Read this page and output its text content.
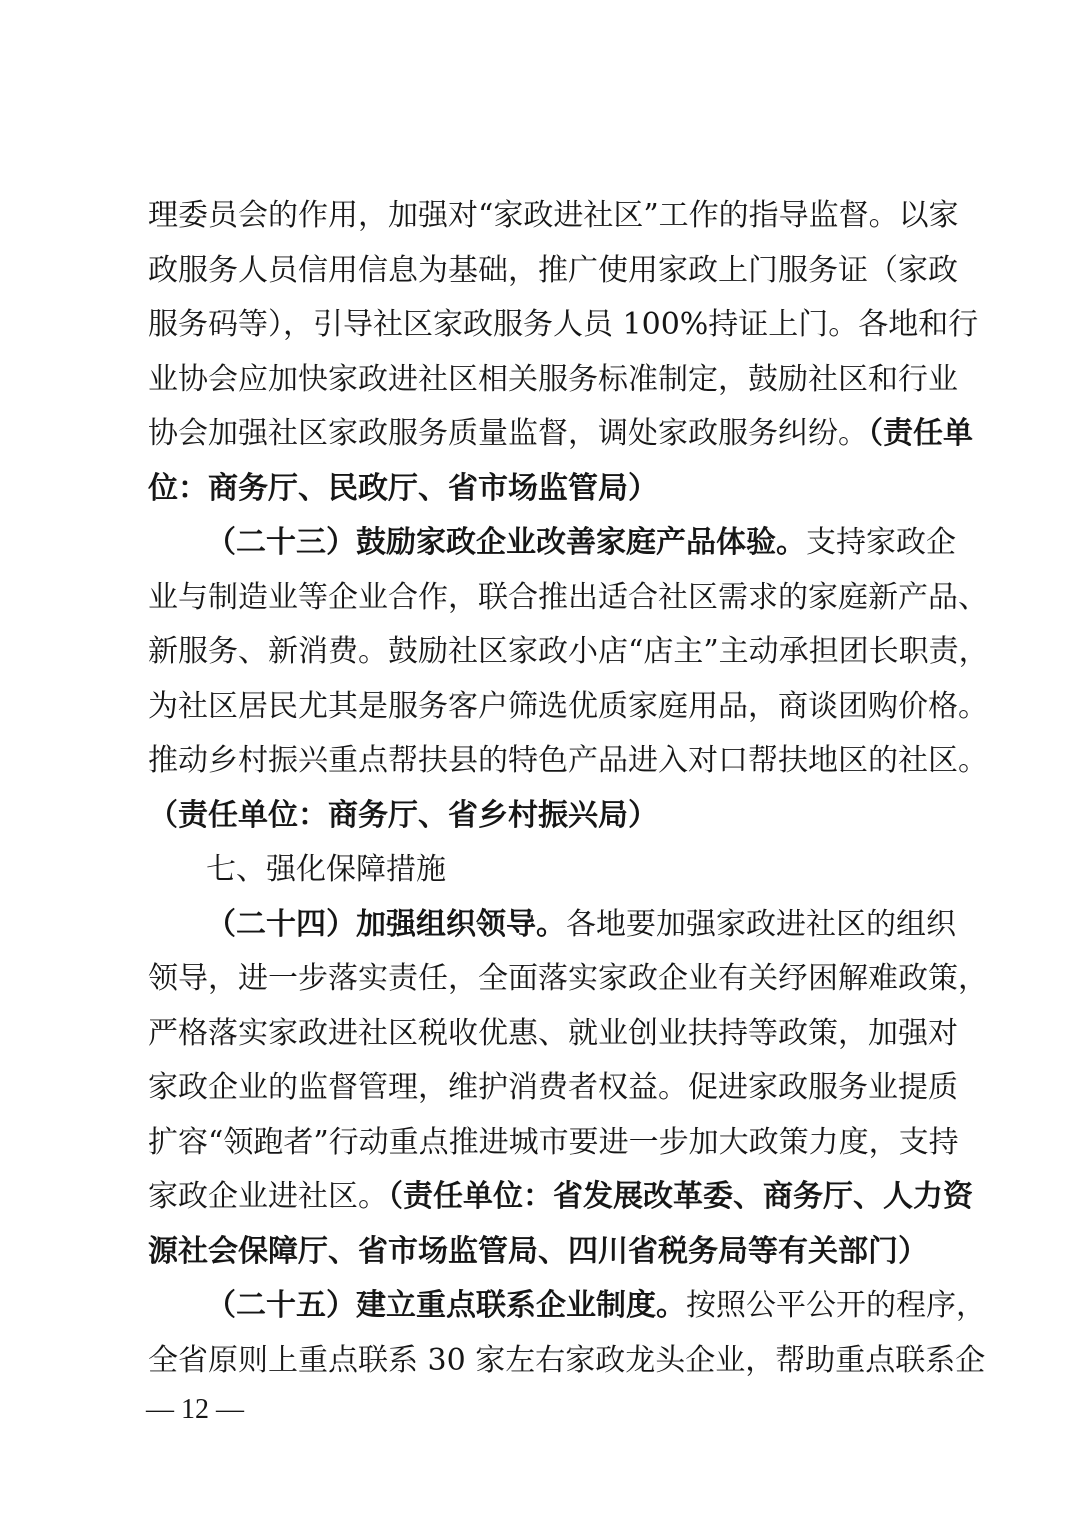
理委员会的作用，加强对“家政进社区”工作的指导监督。以家
政服务人员信用信息为基础，推广使用家政上门服务证（家政
服务码等），引导社区家政服务人员 100%持证上门。各地和行
业协会应加快家政进社区相关服务标准制定，鼓励社区和行业
协会加强社区家政服务质量监督，调处家政服务纠纷。（责任单
位：商务厅、民政厅、省市场监管局）
（二十三）鼓励家政企业改善家庭产品体验。支持家政企
业与制造业等企业合作，联合推出适合社区需求的家庭新产品、
新服务、新消费。鼓励社区家政小店“店主”主动承担团长职责，
为社区居民尤其是服务客户筛选优质家庭用品，商谈团购价格。
推动乡村振兴重点帮扶县的特色产品进入对口帮扶地区的社区。
（责任单位：商务厅、省乡村振兴局）
七、强化保障措施
（二十四）加强组织领导。各地要加强家政进社区的组织
领导，进一步落实责任，全面落实家政企业有关纾困解难政策，
严格落实家政进社区税收优惠、就业创业扶持等政策，加强对
家政企业的监督管理，维护消费者权益。促进家政服务业提质
扩容“领跑者”行动重点推进城市要进一步加大政策力度，支持
家政企业进社区。（责任单位：省发展改革委、商务厅、人力资
源社会保障厅、省市场监管局、四川省税务局等有关部门）
（二十五）建立重点联系企业制度。按照公平公开的程序，
全省原则上重点联系 30 家左右家政龙头企业，帮助重点联系企
— 12 —
